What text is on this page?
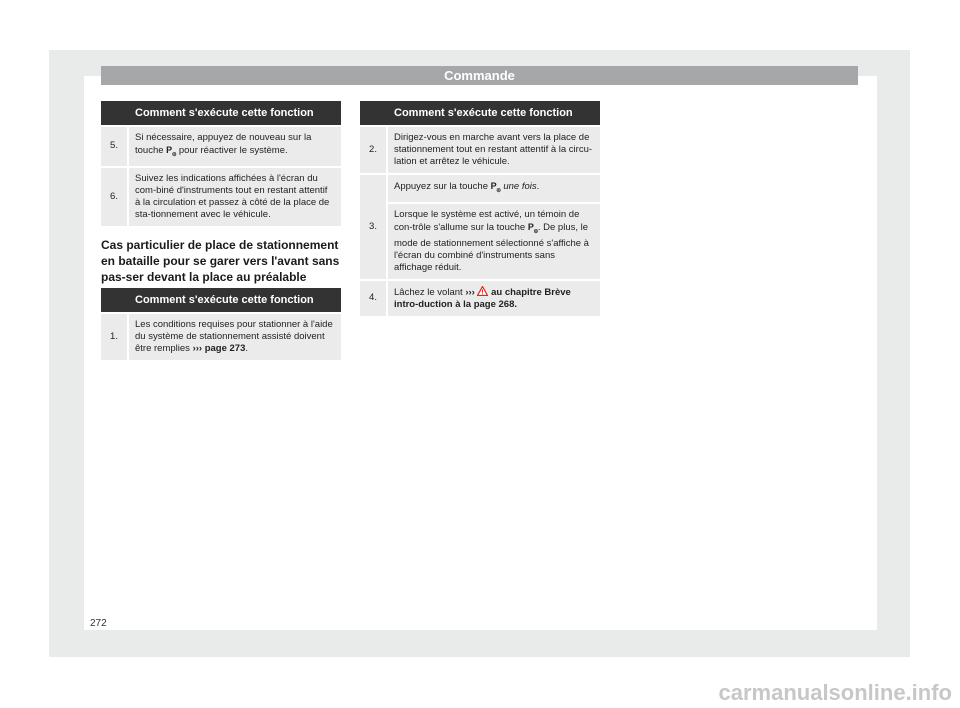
Commande
	Comment s'exécute cette fonction
5.	Si nécessaire, appuyez de nouveau sur la touche $P_⊛$ pour réactiver le système.
6.	Suivez les indications affichées à l'écran du com-biné d'instruments tout en restant attentif à la circulation et passez à côté de la place de sta-tionnement avec le véhicule.
Cas particulier de place de stationnement en bataille pour se garer vers l'avant sans pas-ser devant la place au préalable
	Comment s'exécute cette fonction
1.	Les conditions requises pour stationner à l'aide du système de stationnement assisté doivent être remplies ››› page 273.
	Comment s'exécute cette fonction
2.	Dirigez-vous en marche avant vers la place de stationnement tout en restant attentif à la circu-lation et arrêtez le véhicule.
3.	Appuyez sur la touche $P_⊛$ une fois.
	Lorsque le système est activé, un témoin de con-trôle s'allume sur la touche $P_⊛$. De plus, le mode de stationnement sélectionné s'affiche à l'écran du combiné d'instruments sans affichage réduit.
4.	Lâchez le volant ››› au chapitre Brève intro-duction à la page 268.
272
carmanualsonline.info
